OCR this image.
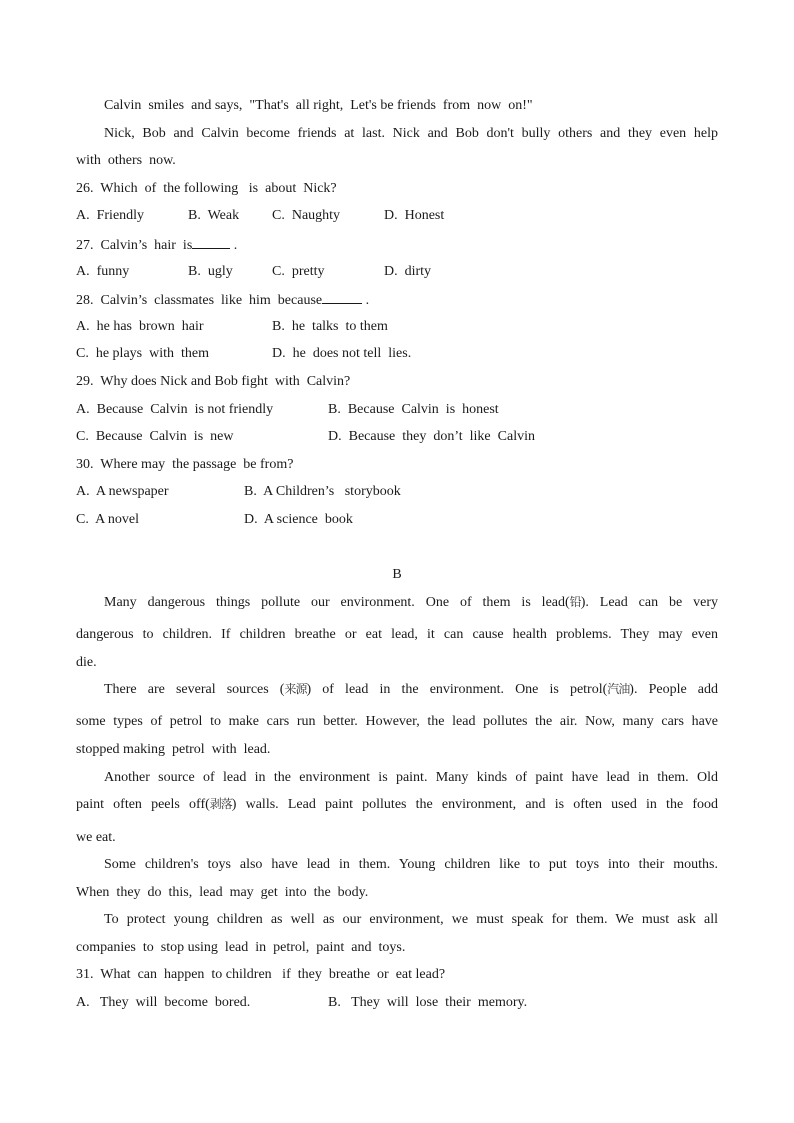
Calvin  smiles  and says,  "That's  all right,  Let's be friends  from  now  on!"
Nick, Bob and Calvin become friends at last. Nick and Bob don't bully others and they even help
with  others  now.
26.  Which  of  the following   is  about  Nick?
A.  Friendly	B.  Weak C.  Naughty	D.  Honest
27.  Calvin’s  hair  is	.
A.  funny	B.  ugly	C.  pretty	D.  dirty
28.  Calvin’s  classmates  like  him  because	.
A.  he has  brown  hair	B.  he  talks  to them
C.  he plays  with  them	D.  he  does not tell  lies.
29.  Why does Nick and Bob fight  with  Calvin?
A.  Because  Calvin  is not friendly	B.  Because  Calvin  is  honest
C.  Because  Calvin  is  new	D.  Because  they  don’t  like  Calvin
30.  Where may  the passage  be from?
A.  A newspaper	B.  A Children’s   storybook
C.  A novel	D.  A science  book
B
Many dangerous things pollute our environment. One of them is lead(铅). Lead can be very
dangerous to children. If children breathe or eat lead, it can cause health problems. They may even
die.
There are several sources (来源) of lead in the environment. One is petrol(汽油). People add
some types of petrol to make cars run better. However, the lead pollutes the air. Now, many cars have
stopped making  petrol  with  lead.
Another source of lead in the environment is paint. Many kinds of paint have lead in them. Old
paint often peels off(剥落) walls. Lead paint pollutes the environment, and is often used in the food
we eat.
Some children's toys also have lead in them. Young children like to put toys into their mouths.
When  they  do  this,  lead  may  get  into  the  body.
To protect young children as well as our environment, we must speak for them. We must ask all
companies  to  stop using  lead  in  petrol,  paint  and  toys.
31.  What  can  happen  to children   if  they  breathe  or  eat lead?
A.   They  will  become  bored.	B.   They  will  lose  their  memory.
